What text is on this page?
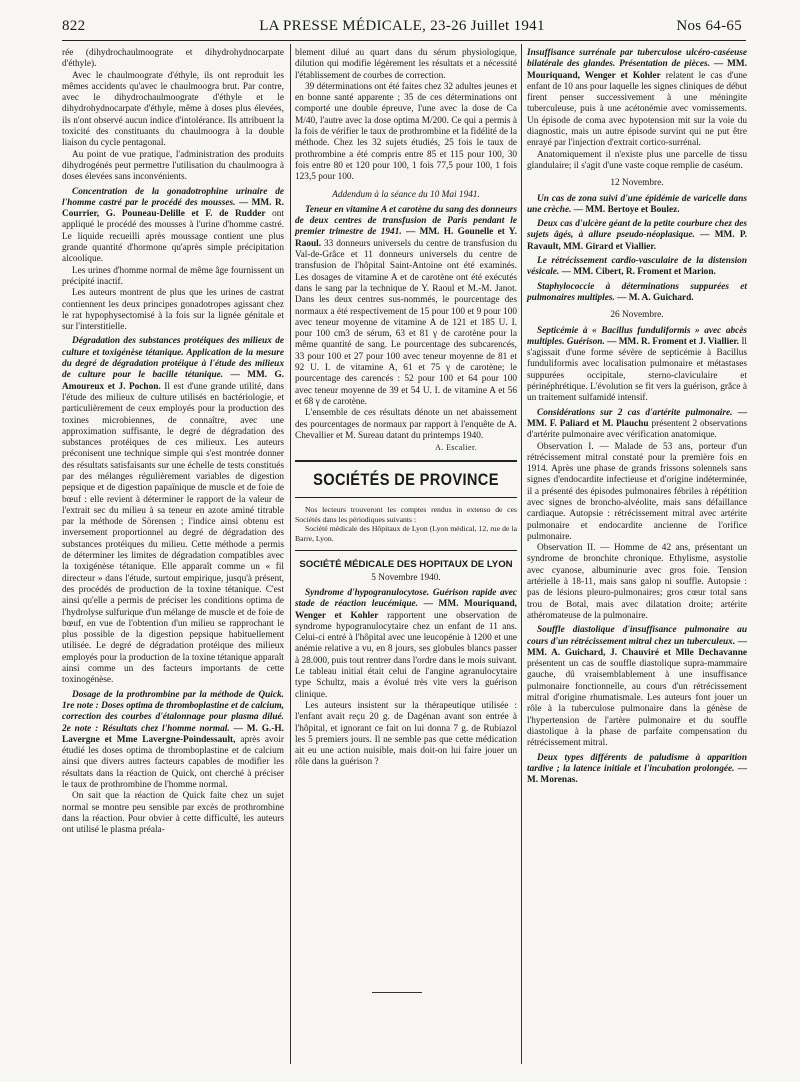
822	LA PRESSE MÉDICALE, 23-26 Juillet 1941	Nos 64-65

rée (dihydrochaulmoograte et dihydrohydnocarpate d'éthyle).

Avec le chaulmoograte d'éthyle, ils ont reproduit les mêmes accidents qu'avec le chaulmoogra brut. Par contre, avec le dihydrochaulmoograte d'éthyle et le dihydrohydnocarpate d'éthyle, même à doses plus élevées, ils n'ont observé aucun indice d'intolérance. Ils attribuent la toxicité des constituants du chaulmoogra à la double liaison du cycle pentagonal.

Au point de vue pratique, l'administration des produits dihydrogénés peut permettre l'utilisation du chaulmoogra à doses élevées sans inconvénients.

Concentration de la gonadotrophine urinaire de l'homme castré par le procédé des mousses. — MM. R. Courrier, G. Pouneau-Delille et F. de Rudder ont appliqué le procédé des mousses à l'urine d'homme castré. Le liquide recueilli après moussage contient une plus grande quantité d'hormone qu'après simple précipitation alcoolique.

Les urines d'homme normal de même âge fournissent un précipité inactif.

Les auteurs montrent de plus que les urines de castrat contiennent les deux principes gonadotropes agissant chez le rat hypophysectomisé à la fois sur la lignée génitale et sur l'interstitielle.

Dégradation des substances protéiques des milieux de culture et toxigénèse tétanique. Application de la mesure du degré de dégradation protéique à l'étude des milieux de culture pour le bacille tétanique. — MM. G. Amoureux et J. Pochon. Il est d'une grande utilité, dans l'étude des milieux de culture utilisés en bactériologie, et particulièrement de ceux employés pour la production des toxines microbiennes, de connaître, avec une approximation suffisante, le degré de dégradation des substances protéiques de ces milieux. Les auteurs préconisent une technique simple qui s'est montrée donner des résultats satisfaisants sur une échelle de tests constitués par des mélanges régulièrement variables de digestion pepsique et de digestion papaïnique de muscle et de foie de bœuf : elle revient à déterminer le rapport de la valeur de l'extrait sec du milieu à sa teneur en azote aminé titrable par la méthode de Sörensen ; l'indice ainsi obtenu est inversement proportionnel au degré de dégradation des substances protéiques du milieu. Cette méthode a permis de déterminer les limites de dégradation compatibles avec la toxigénèse tétanique. Elle apparaît comme un « fil directeur » dans l'étude, surtout empirique, jusqu'à présent, des procédés de production de la toxine tétanique. C'est ainsi qu'elle a permis de préciser les conditions optima de l'hydrolyse sulfurique d'un mélange de muscle et de foie de bœuf, en vue de l'obtention d'un milieu se rapprochant le plus possible de la digestion pepsique habituellement utilisée. Le degré de dégradation protéique des milieux employés pour la production de la toxine tétanique apparaît ainsi comme un des facteurs importants de cette toxinogénèse.

Dosage de la prothrombine par la méthode de Quick. 1re note : Doses optima de thromboplastine et de calcium, correction des courbes d'étalonnage pour plasma dilué. 2e note : Résultats chez l'homme normal. — M. G.-H. Lavergne et Mme Lavergne-Poindessault, après avoir étudié les doses optima de thromboplastine et de calcium ainsi que divers autres facteurs capables de modifier les résultats dans la réaction de Quick, ont cherché à préciser le taux de prothrombine de l'homme normal.

On sait que la réaction de Quick faite chez un sujet normal se montre peu sensible par excès de prothrombine dans la réaction. Pour obvier à cette difficulté, les auteurs ont utilisé le plasma préala-

blement dilué au quart dans du sérum physiologique, dilution qui modifie légèrement les résultats et a nécessité l'établissement de courbes de correction.

39 déterminations ont été faites chez 32 adultes jeunes et en bonne santé apparente ; 35 de ces déterminations ont comporté une double épreuve, l'une avec la dose de Ca M/40, l'autre avec la dose optima M/200. Ce qui a permis à la fois de vérifier le taux de prothrombine et la fidélité de la méthode. Chez les 32 sujets étudiés, 25 fois le taux de prothrombine a été compris entre 85 et 115 pour 100, 30 fois entre 80 et 120 pour 100, 1 fois 77,5 pour 100, 1 fois 123,5 pour 100.

Addendum à la séance du 10 Mai 1941.

Teneur en vitamine A et carotène du sang des donneurs de deux centres de transfusion de Paris pendant le premier trimestre de 1941. — MM. H. Gounelle et Y. Raoul. 33 donneurs universels du centre de transfusion du Val-de-Grâce et 11 donneurs universels du centre de transfusion de l'hôpital Saint-Antoine ont été examinés. Les dosages de vitamine A et de carotène ont été exécutés dans le sang par la technique de Y. Raoul et M.-M. Janot. Dans les deux centres sus-nommés, le pourcentage des normaux a été respectivement de 15 pour 100 et 9 pour 100 avec teneur moyenne de vitamine A de 121 et 185 U. I. pour 100 cm3 de sérum, 63 et 81 γ de carotène pour la même quantité de sang. Le pourcentage des subcarencés, 33 pour 100 et 27 pour 100 avec teneur moyenne de 81 et 92 U. I. de vitamine A, 61 et 75 γ de carotène; le pourcentage des carencés : 52 pour 100 et 64 pour 100 avec teneur moyenne de 39 et 54 U. I. de vitamine A et 56 et 68 γ de carotène.

L'ensemble de ces résultats dénote un net abaissement des pourcentages de normaux par rapport à l'enquête de A. Chevallier et M. Sureau datant du printemps 1940.

A. Escalier.

SOCIÉTÉS DE PROVINCE

Nos lecteurs trouveront les comptes rendus in extenso de ces Sociétés dans les périodiques suivants :

Société médicale des Hôpitaux de Lyon (Lyon médical, 12, rue de la Barre, Lyon.

SOCIÉTÉ MÉDICALE DES HOPITAUX DE LYON

5 Novembre 1940.

Syndrome d'hypogranulocytose. Guérison rapide avec stade de réaction leucémique. — MM. Mouriquand, Wenger et Kohler rapportent une observation de syndrome hypogranulocytaire chez un enfant de 11 ans. Celui-ci entré à l'hôpital avec une leucopénie à 1200 et une anémie relative a vu, en 8 jours, ses globules blancs passer à 28.000, puis tout rentrer dans l'ordre dans le mois suivant. Le tableau initial était celui de l'angine agranulocytaire type Schultz, mais a évolué très vite vers la guérison clinique.

Les auteurs insistent sur la thérapeutique utilisée : l'enfant avait reçu 20 g. de Dagénan avant son entrée à l'hôpital, et ignorant ce fait on lui donna 7 g. de Rubiazol les 5 premiers jours. Il ne semble pas que cette médication ait eu une action nuisible, mais doit-on lui faire jouer un rôle dans la guérison ?

Insuffisance surrénale par tuberculose ulcéro-caséeuse bilatérale des glandes. Présentation de pièces. — MM. Mouriquand, Wenger et Kohler relatent le cas d'une enfant de 10 ans pour laquelle les signes cliniques de début firent penser successivement à une méningite tuberculeuse, puis à une acétonémie avec vomissements. Un épisode de coma avec hypotension mit sur la voie du diagnostic, mais un autre épisode survint qui ne put être enrayé par l'injection d'extrait cortico-surrénal.

Anatomiquement il n'existe plus une parcelle de tissu glandulaire; il s'agit d'une vaste coque remplie de caséum.

12 Novembre.

Un cas de zona suivi d'une épidémie de varicelle dans une crèche. — MM. Bertoye et Boulez.

Deux cas d'ulcère géant de la petite courbure chez des sujets âgés, à allure pseudo-néoplasique. — MM. P. Ravault, MM. Girard et Viallier.

Le rétrécissement cardio-vasculaire de la distension vésicale. — MM. Cibert, R. Froment et Marion.

Staphylococcie à déterminations suppurées et pulmonaires multiples. — M. A. Guichard.

26 Novembre.

Septicémie à « Bacillus funduliformis » avec abcès multiples. Guérison. — MM. R. Froment et J. Viallier. Il s'agissait d'une forme sévère de septicémie à Bacillus funduliformis avec localisation pulmonaire et métastases suppurées occipitale, sterno-claviculaire et périnéphrétique. L'évolution se fit vers la guérison, grâce à un traitement sulfamidé intensif.

Considérations sur 2 cas d'artérite pulmonaire. — MM. F. Paliard et M. Plauchu présentent 2 observations d'artérite pulmonaire avec vérification anatomique.

Observation I. — Malade de 53 ans, porteur d'un rétrécissement mitral constaté pour la première fois en 1914. Après une phase de grands frissons solennels sans signes d'endocardite infectieuse et d'origine indéterminée, il a présenté des épisodes pulmonaires fébriles à répétition avec signes de broncho-alvéolite, mais sans défaillance cardiaque. Autopsie : rétrécissement mitral avec artérite pulmonaire et endocardite ancienne de l'orifice pulmonaire.

Observation II. — Homme de 42 ans, présentant un syndrome de bronchite chronique. Ethylisme, asystolie avec cyanose, albuminurie avec gros foie. Tension artérielle à 18-11, mais sans galop ni souffle. Autopsie : pas de lésions pleuro-pulmonaires; gros cœur total sans trou de Botal, mais avec dilatation droite; artérite athéromateuse de la pulmonaire.

Souffle diastolique d'insuffisance pulmonaire au cours d'un rétrécissement mitral chez un tuberculeux. — MM. A. Guichard, J. Chauviré et Mlle Dechavanne présentent un cas de souffle diastolique supra-mammaire gauche, dû vraisemblablement à une insuffisance pulmonaire fonctionnelle, au cours d'un rétrécissement mitral d'origine rhumatismale. Les auteurs font jouer un rôle à la tuberculose pulmonaire dans la génèse de l'hypertension de l'artère pulmonaire et du souffle diastolique à la phase de parfaite compensation du rétrécissement mitral.

Deux types différents de paludisme à apparition tardive ; la latence initiale et l'incubation prolongée. — M. Morenas.
